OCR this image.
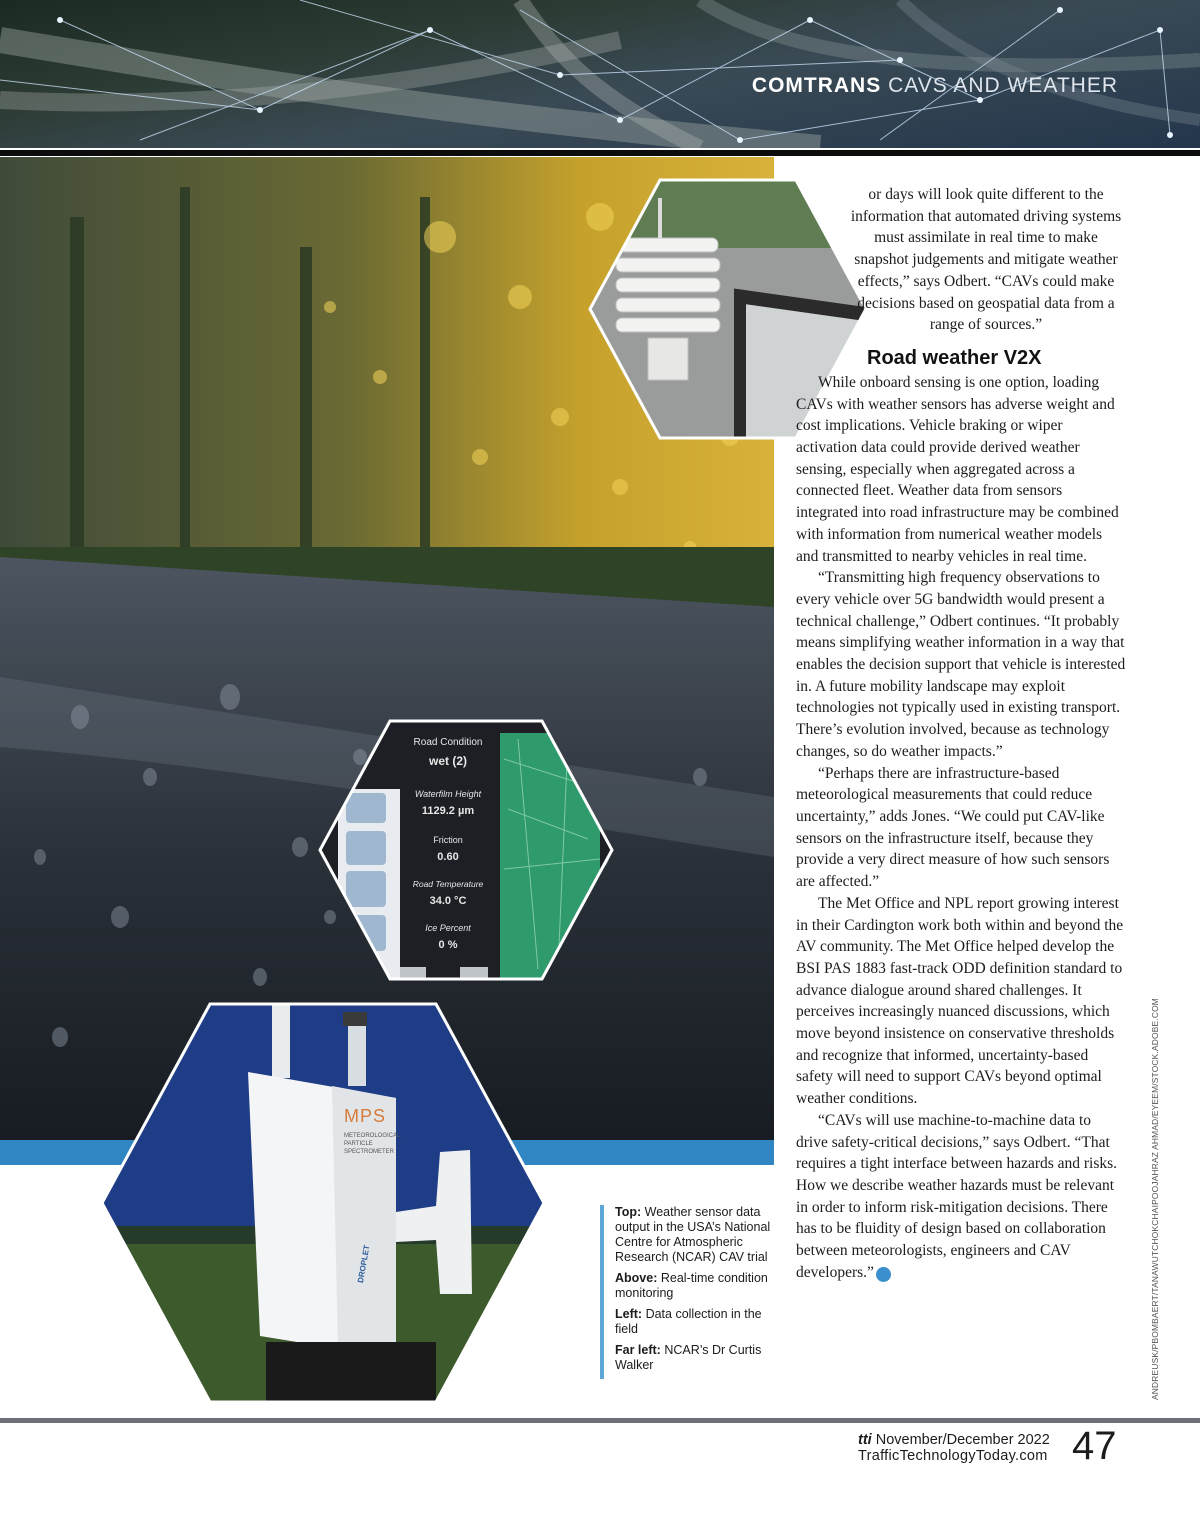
COMTRANS CAVS AND WEATHER
Road Condition
wet (2)
Waterfilm Height
1129.2 µm
Friction
0.60
Road Temperature
34.0 °C
Ice Percent
0 %
MPS
METEOROLOGICAL
PARTICLE
SPECTROMETER
DROPLET

or days will look quite different to the information that automated driving systems must assimilate in real time to make snapshot judgements and mitigate weather effects,” says Odbert. “CAVs could make decisions based on geospatial data from a range of sources.”

Road weather V2X

While onboard sensing is one option, loading CAVs with weather sensors has adverse weight and cost implications. Vehicle braking or wiper activation data could provide derived weather sensing, especially when aggregated across a connected fleet. Weather data from sensors integrated into road infrastructure may be combined with information from numerical weather models and transmitted to nearby vehicles in real time.

“Transmitting high frequency observations to every vehicle over 5G bandwidth would present a technical challenge,” Odbert continues. “It probably means simplifying weather information in a way that enables the decision support that vehicle is interested in. A future mobility landscape may exploit technologies not typically used in existing transport. There’s evolution involved, because as technology changes, so do weather impacts.”

“Perhaps there are infrastructure-based meteorological measurements that could reduce uncertainty,” adds Jones. “We could put CAV-like sensors on the infrastructure itself, because they provide a very direct measure of how such sensors are affected.”

The Met Office and NPL report growing interest in their Cardington work both within and beyond the AV community. The Met Office helped develop the BSI PAS 1883 fast-track ODD definition standard to advance dialogue around shared challenges. It perceives increasingly nuanced discussions, which move beyond insistence on conservative thresholds and recognize that informed, uncertainty-based safety will need to support CAVs beyond optimal weather conditions.

“CAVs will use machine-to-machine data to drive safety-critical decisions,” says Odbert. “That requires a tight interface between hazards and risks. How we describe weather hazards must be relevant in order to inform risk-mitigation decisions. There has to be fluidity of design based on collaboration between meteorologists, engineers and CAV developers.” ✕

Top: Weather sensor data output in the USA’s National Centre for Atmospheric Research (NCAR) CAV trial
Above: Real-time condition monitoring
Left: Data collection in the field
Far left: NCAR’s Dr Curtis Walker	ANDREUSK/PBOMBAERT/TANAWUTCHOKCHAIPOOJAHRAZ AHMAD/EYEEM/STOCK.ADOBE.COM
tti November/December 2022
TrafficTechnologyToday.com 47
